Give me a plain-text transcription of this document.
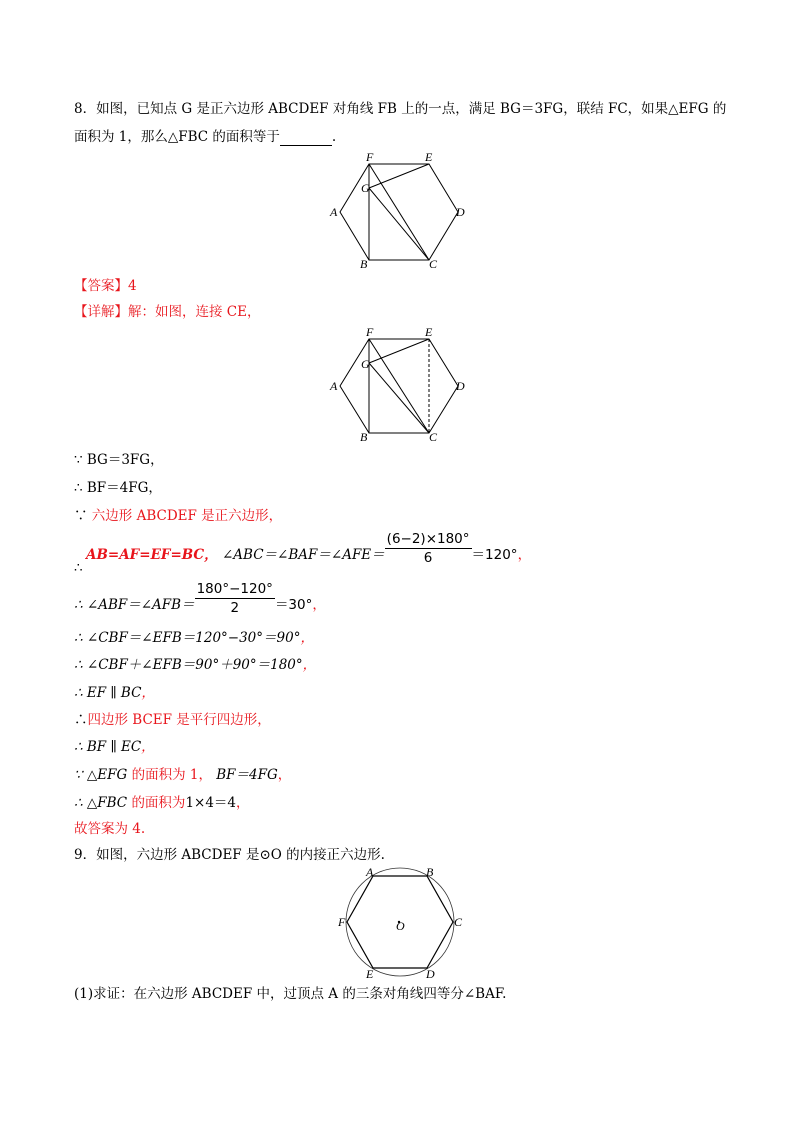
8．如图，已知点 G 是正六边形 ABCDEF 对角线 FB 上的一点，满足 BG＝3FG，联结 FC，如果△EFG 的
面积为 1，那么△FBC 的面积等于	.
F	E
G
A	D
B	C
【答案】4
【详解】解：如图，连接 CE，
F	E
G
A	D
B	C
∵ BG＝3FG，
∴ BF＝4FG，
∵ 六边形 ABCDEF 是正六边形，
∴
AB=AF=EF=BC， ∠ABC＝∠BAF＝∠AFE＝ $\frac{(6-2)\times 180^\circ}{6} =120^\circ$，
∴ ∠ABF＝∠AFB＝ $\frac{180^\circ-120^\circ}{2} =30^\circ$，
∴ ∠CBF＝∠EFB＝120°−30°＝90°，
∴ ∠CBF＋∠EFB＝90°＋90°＝180°，
∴ EF ∥ BC，
∴四边形 BCEF 是平行四边形，
∴ BF ∥ EC，
∵ △EFG 的面积为 1， BF＝4FG，
∴ △FBC 的面积为1×4＝4，
故答案为 4.
9．如图，六边形 ABCDEF 是⊙O 的内接正六边形.
A	B
F	C
O
E	D
(1)求证：在六边形 ABCDEF 中，过顶点 A 的三条对角线四等分∠BAF.
